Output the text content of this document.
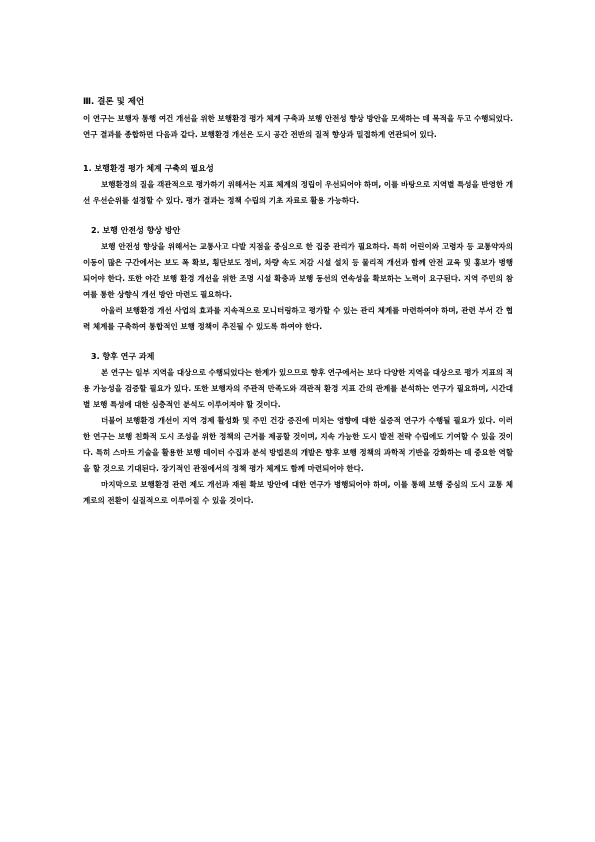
Ⅲ. 결론 및 제언

이 연구는 보행자 통행 여건 개선을 위한 보행환경 평가 체계 구축과 보행 안전성 향상 방안을 모색하는 데 목적을 두고 수행되었다. 연구 결과를 종합하면 다음과 같다. 보행환경 개선은 도시 공간 전반의 질적 향상과 밀접하게 연관되어 있다.

1. 보행환경 평가 체계 구축의 필요성

보행환경의 질을 객관적으로 평가하기 위해서는 지표 체계의 정립이 우선되어야 하며, 이를 바탕으로 지역별 특성을 반영한 개선 우선순위를 설정할 수 있다. 평가 결과는 정책 수립의 기초 자료로 활용 가능하다.

2. 보행 안전성 향상 방안

보행 안전성 향상을 위해서는 교통사고 다발 지점을 중심으로 한 집중 관리가 필요하다. 특히 어린이와 고령자 등 교통약자의 이동이 많은 구간에서는 보도 폭 확보, 횡단보도 정비, 차량 속도 저감 시설 설치 등 물리적 개선과 함께 안전 교육 및 홍보가 병행되어야 한다. 또한 야간 보행 환경 개선을 위한 조명 시설 확충과 보행 동선의 연속성을 확보하는 노력이 요구된다. 지역 주민의 참여를 통한 상향식 개선 방안 마련도 필요하다.

아울러 보행환경 개선 사업의 효과를 지속적으로 모니터링하고 평가할 수 있는 관리 체계를 마련하여야 하며, 관련 부서 간 협력 체계를 구축하여 통합적인 보행 정책이 추진될 수 있도록 하여야 한다.

3. 향후 연구 과제

본 연구는 일부 지역을 대상으로 수행되었다는 한계가 있으므로 향후 연구에서는 보다 다양한 지역을 대상으로 평가 지표의 적용 가능성을 검증할 필요가 있다. 또한 보행자의 주관적 만족도와 객관적 환경 지표 간의 관계를 분석하는 연구가 필요하며, 시간대별 보행 특성에 대한 심층적인 분석도 이루어져야 할 것이다.

더불어 보행환경 개선이 지역 경제 활성화 및 주민 건강 증진에 미치는 영향에 대한 실증적 연구가 수행될 필요가 있다. 이러한 연구는 보행 친화적 도시 조성을 위한 정책의 근거를 제공할 것이며, 지속 가능한 도시 발전 전략 수립에도 기여할 수 있을 것이다. 특히 스마트 기술을 활용한 보행 데이터 수집과 분석 방법론의 개발은 향후 보행 정책의 과학적 기반을 강화하는 데 중요한 역할을 할 것으로 기대된다. 장기적인 관점에서의 정책 평가 체계도 함께 마련되어야 한다.

마지막으로 보행환경 관련 제도 개선과 재원 확보 방안에 대한 연구가 병행되어야 하며, 이를 통해 보행 중심의 도시 교통 체계로의 전환이 실질적으로 이루어질 수 있을 것이다.
